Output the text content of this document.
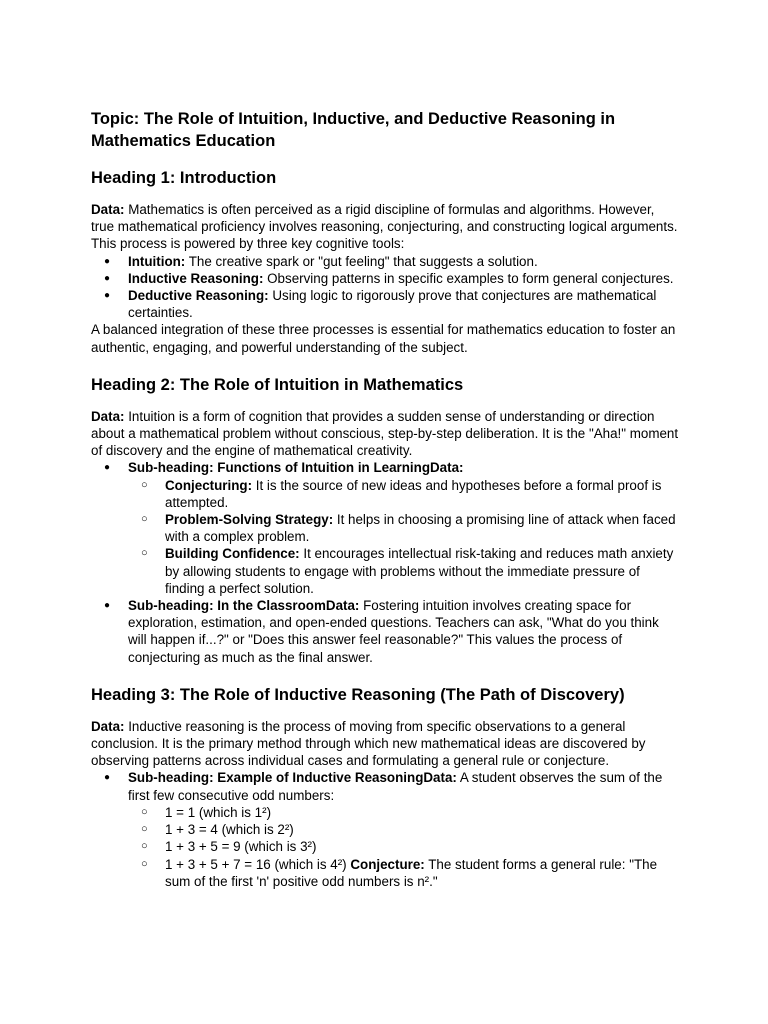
Topic: The Role of Intuition, Inductive, and Deductive Reasoning in Mathematics Education
Heading 1: Introduction

Data: Mathematics is often perceived as a rigid discipline of formulas and algorithms. However, true mathematical proficiency involves reasoning, conjecturing, and constructing logical arguments. This process is powered by three key cognitive tools:

● Intuition: The creative spark or "gut feeling" that suggests a solution.
● Inductive Reasoning: Observing patterns in specific examples to form general conjectures.
● Deductive Reasoning: Using logic to rigorously prove that conjectures are mathematical certainties.

A balanced integration of these three processes is essential for mathematics education to foster an authentic, engaging, and powerful understanding of the subject.

Heading 2: The Role of Intuition in Mathematics

Data: Intuition is a form of cognition that provides a sudden sense of understanding or direction about a mathematical problem without conscious, step-by-step deliberation. It is the "Aha!" moment of discovery and the engine of mathematical creativity.

● Sub-heading: Functions of Intuition in LearningData:
○ Conjecturing: It is the source of new ideas and hypotheses before a formal proof is attempted.
○ Problem-Solving Strategy: It helps in choosing a promising line of attack when faced with a complex problem.
○ Building Confidence: It encourages intellectual risk-taking and reduces math anxiety by allowing students to engage with problems without the immediate pressure of finding a perfect solution.
● Sub-heading: In the ClassroomData: Fostering intuition involves creating space for exploration, estimation, and open-ended questions. Teachers can ask, "What do you think will happen if...?" or "Does this answer feel reasonable?" This values the process of conjecturing as much as the final answer.
Heading 3: The Role of Inductive Reasoning (The Path of Discovery)

Data: Inductive reasoning is the process of moving from specific observations to a general conclusion. It is the primary method through which new mathematical ideas are discovered by observing patterns across individual cases and formulating a general rule or conjecture.

● Sub-heading: Example of Inductive ReasoningData: A student observes the sum of the first few consecutive odd numbers:
○ 1 = 1 (which is 1²)
○ 1 + 3 = 4 (which is 2²)
○ 1 + 3 + 5 = 9 (which is 3²)
○ 1 + 3 + 5 + 7 = 16 (which is 4²) Conjecture: The student forms a general rule: "The sum of the first 'n' positive odd numbers is n²."
